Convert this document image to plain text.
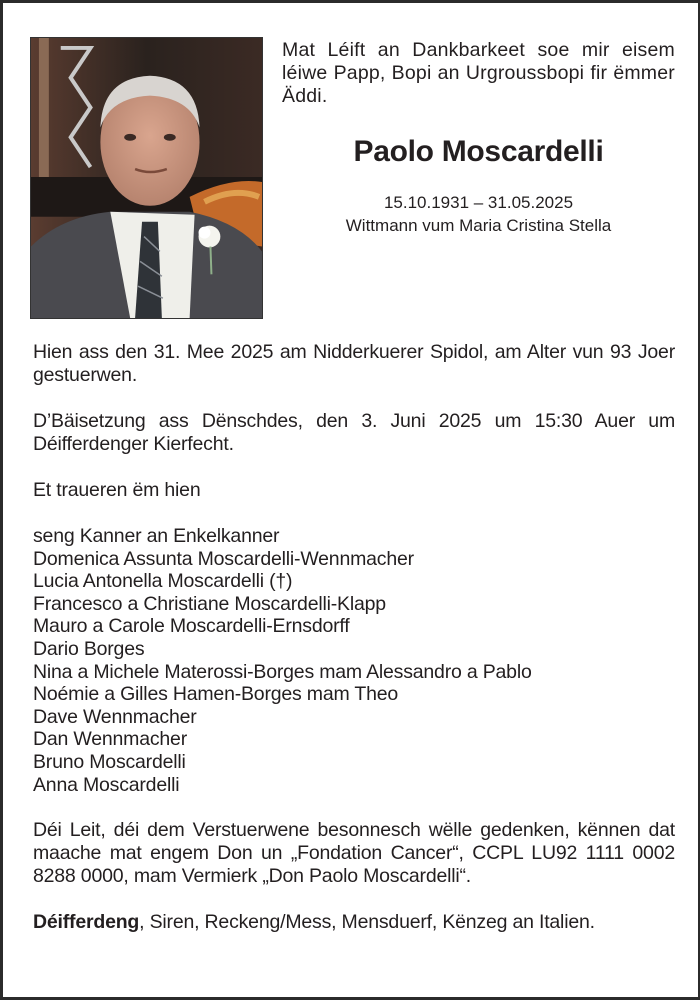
Mat Léift an Dankbarkeet soe mir eisem léiwe Papp, Bopi an Urgroussbopi fir ëmmer Äddi.
Paolo Moscardelli
15.10.1931 – 31.05.2025
Wittmann vum Maria Cristina Stella

Hien ass den 31. Mee 2025 am Nidderkuerer Spidol, am Alter vun 93 Joer gestuerwen.

D’Bäisetzung ass Dënschdes, den 3. Juni 2025 um 15:30 Auer um Déifferdenger Kierfecht.

Et traueren ëm hien

seng Kanner an Enkelkanner
Domenica Assunta Moscardelli-Wennmacher
Lucia Antonella Moscardelli (†)
Francesco a Christiane Moscardelli-Klapp
Mauro a Carole Moscardelli-Ernsdorff
Dario Borges
Nina a Michele Materossi-Borges mam Alessandro a Pablo
Noémie a Gilles Hamen-Borges mam Theo
Dave Wennmacher
Dan Wennmacher
Bruno Moscardelli
Anna Moscardelli

Déi Leit, déi dem Verstuerwene besonnesch wëlle gedenken, kënnen dat maache mat engem Don un „Fondation Cancer“, CCPL LU92 1111 0002 8288 0000, mam Vermierk „Don Paolo Moscardelli“.

Déifferdeng, Siren, Reckeng/Mess, Mensduerf, Kënzeg an Italien.
